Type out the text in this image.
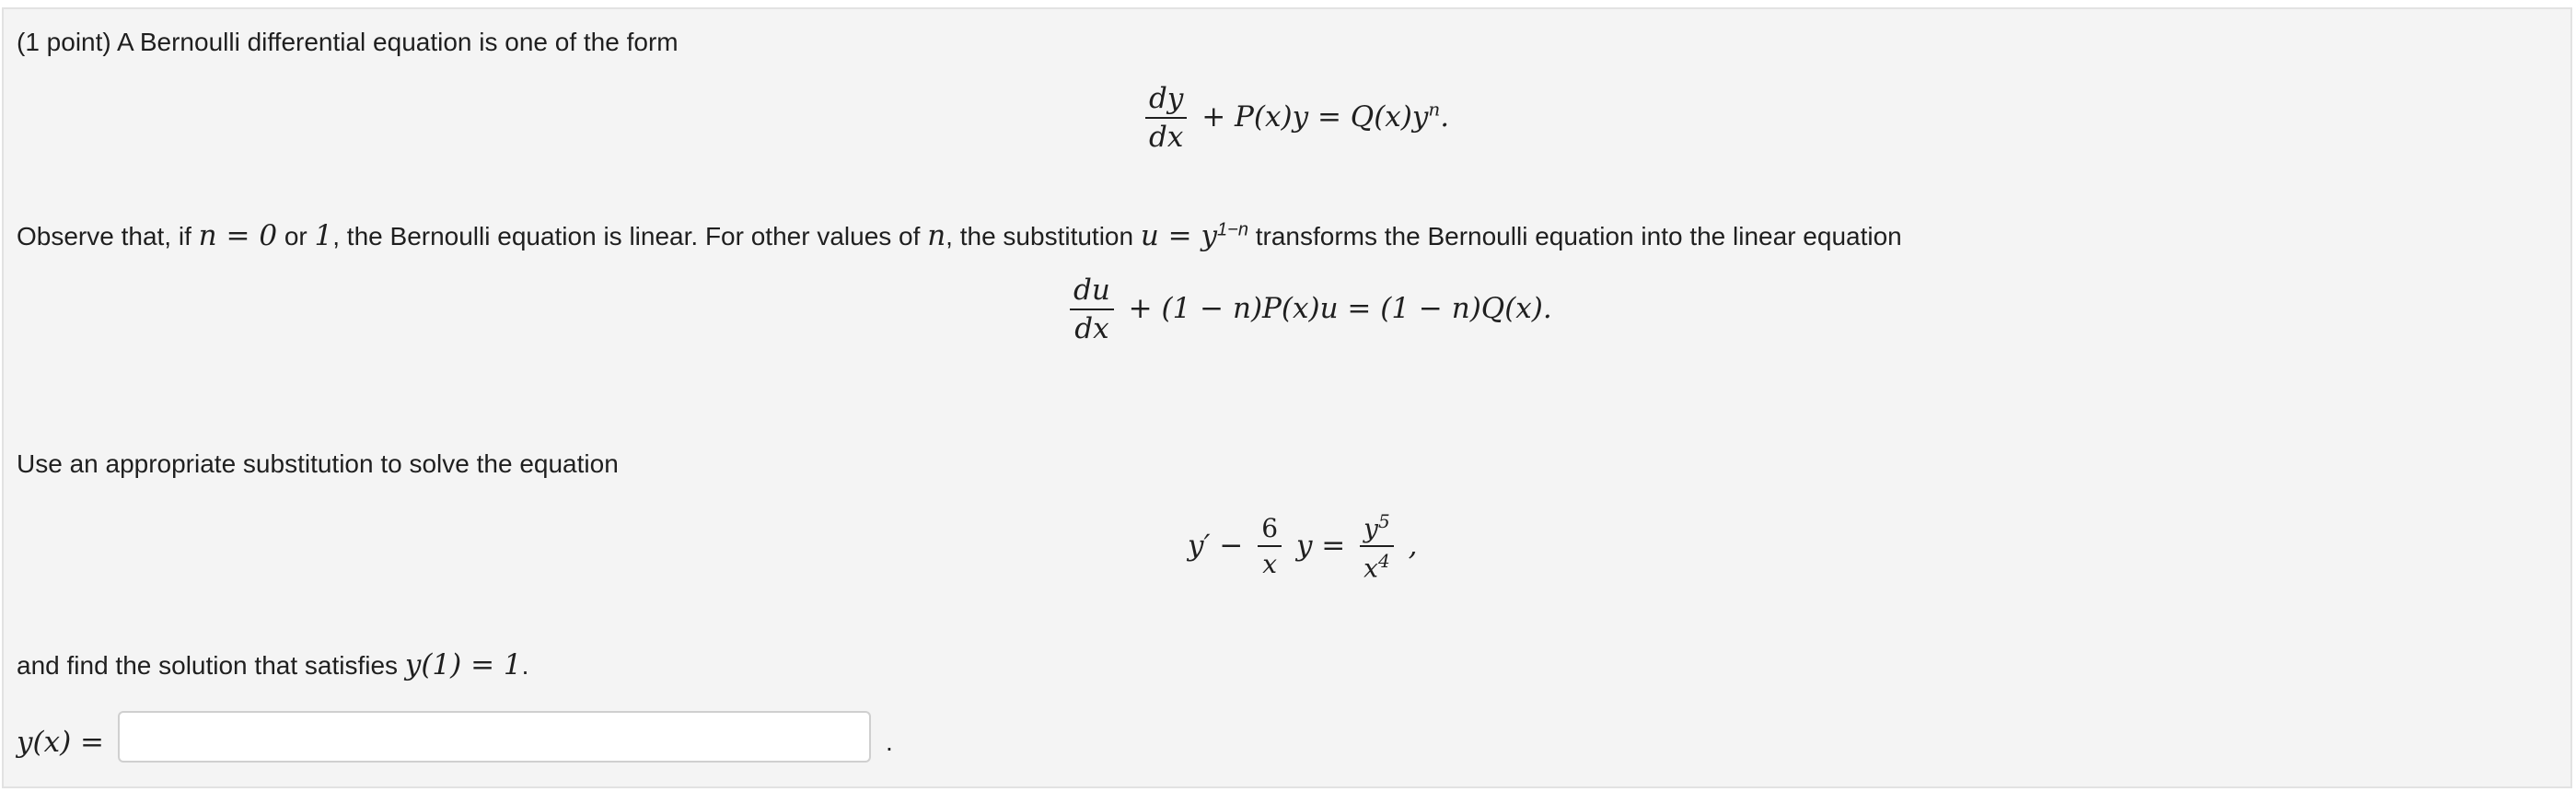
(1 point) A Bernoulli differential equation is one of the form
$\frac{dy}{dx} + P(x)y = Q(x)y^n$.
Observe that, if n = 0 or 1, the Bernoulli equation is linear. For other values of n, the substitution $u = y^{1-n}$ transforms the Bernoulli equation into the linear equation
$\frac{du}{dx} + (1 - n)P(x)u = (1 - n)Q(x)$.
Use an appropriate substitution to solve the equation
$y' - \frac{6}{x}$ $y = \frac{y^5}{x^4}$ ,
and find the solution that satisfies y(1) = 1.
y(x) =	.
